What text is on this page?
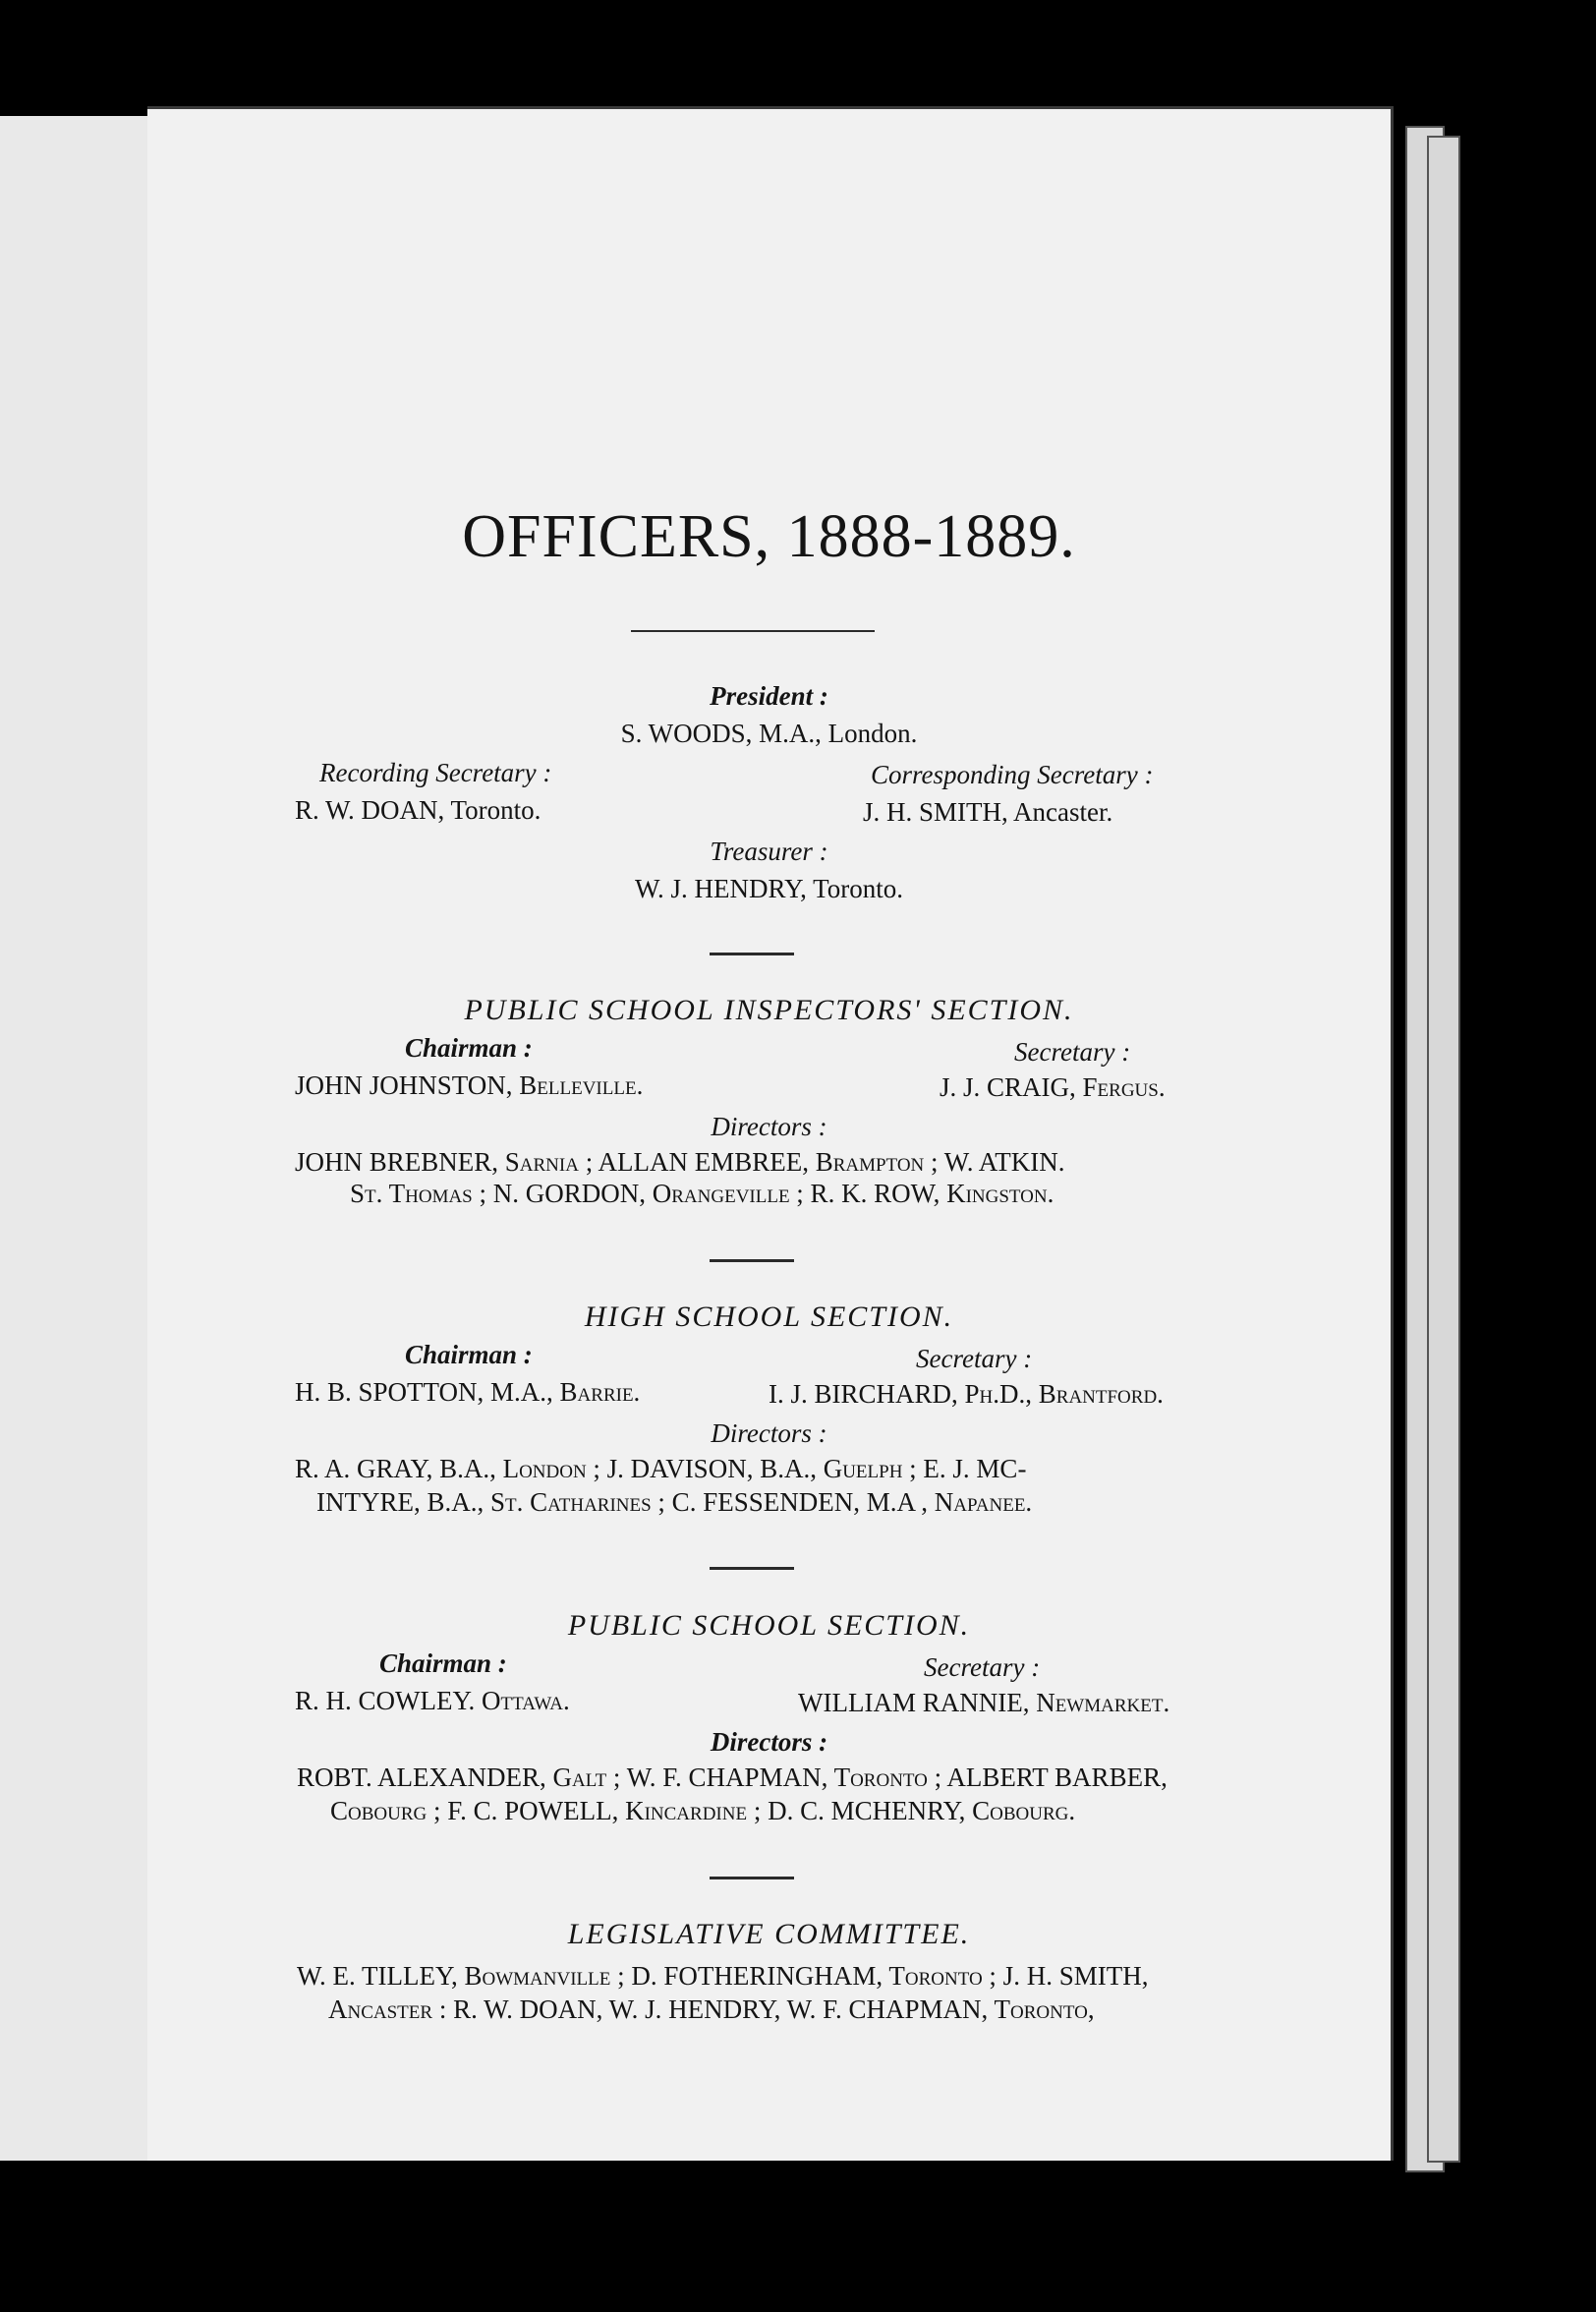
OFFICERS, 1888-1889.
President :
S. WOODS, M.A., London.
Recording Secretary :	Corresponding Secretary :
R. W. DOAN, Toronto.	J. H. SMITH, Ancaster.
Treasurer :
W. J. HENDRY, Toronto.
PUBLIC SCHOOL INSPECTORS' SECTION.
Chairman :	Secretary :
JOHN JOHNSTON, Belleville.	J. J. CRAIG, Fergus.
Directors :
JOHN BREBNER, Sarnia ; ALLAN EMBREE, Brampton ; W. ATKIN.
St. Thomas ; N. GORDON, Orangeville ; R. K. ROW, Kingston.
HIGH SCHOOL SECTION.
Chairman :	Secretary :
H. B. SPOTTON, M.A., Barrie.	I. J. BIRCHARD, Ph.D., Brantford.
Directors :
R. A. GRAY, B.A., London ; J. DAVISON, B.A., Guelph ; E. J. MC-
INTYRE, B.A., St. Catharines ; C. FESSENDEN, M.A , Napanee.
PUBLIC SCHOOL SECTION.
Chairman :	Secretary :
R. H. COWLEY. Ottawa.	WILLIAM RANNIE, Newmarket.
Directors :
ROBT. ALEXANDER, Galt ; W. F. CHAPMAN, Toronto ; ALBERT BARBER,
Cobourg ; F. C. POWELL, Kincardine ; D. C. MCHENRY, Cobourg.
LEGISLATIVE COMMITTEE.
W. E. TILLEY, Bowmanville ; D. FOTHERINGHAM, Toronto ; J. H. SMITH,
Ancaster : R. W. DOAN, W. J. HENDRY, W. F. CHAPMAN, Toronto,
